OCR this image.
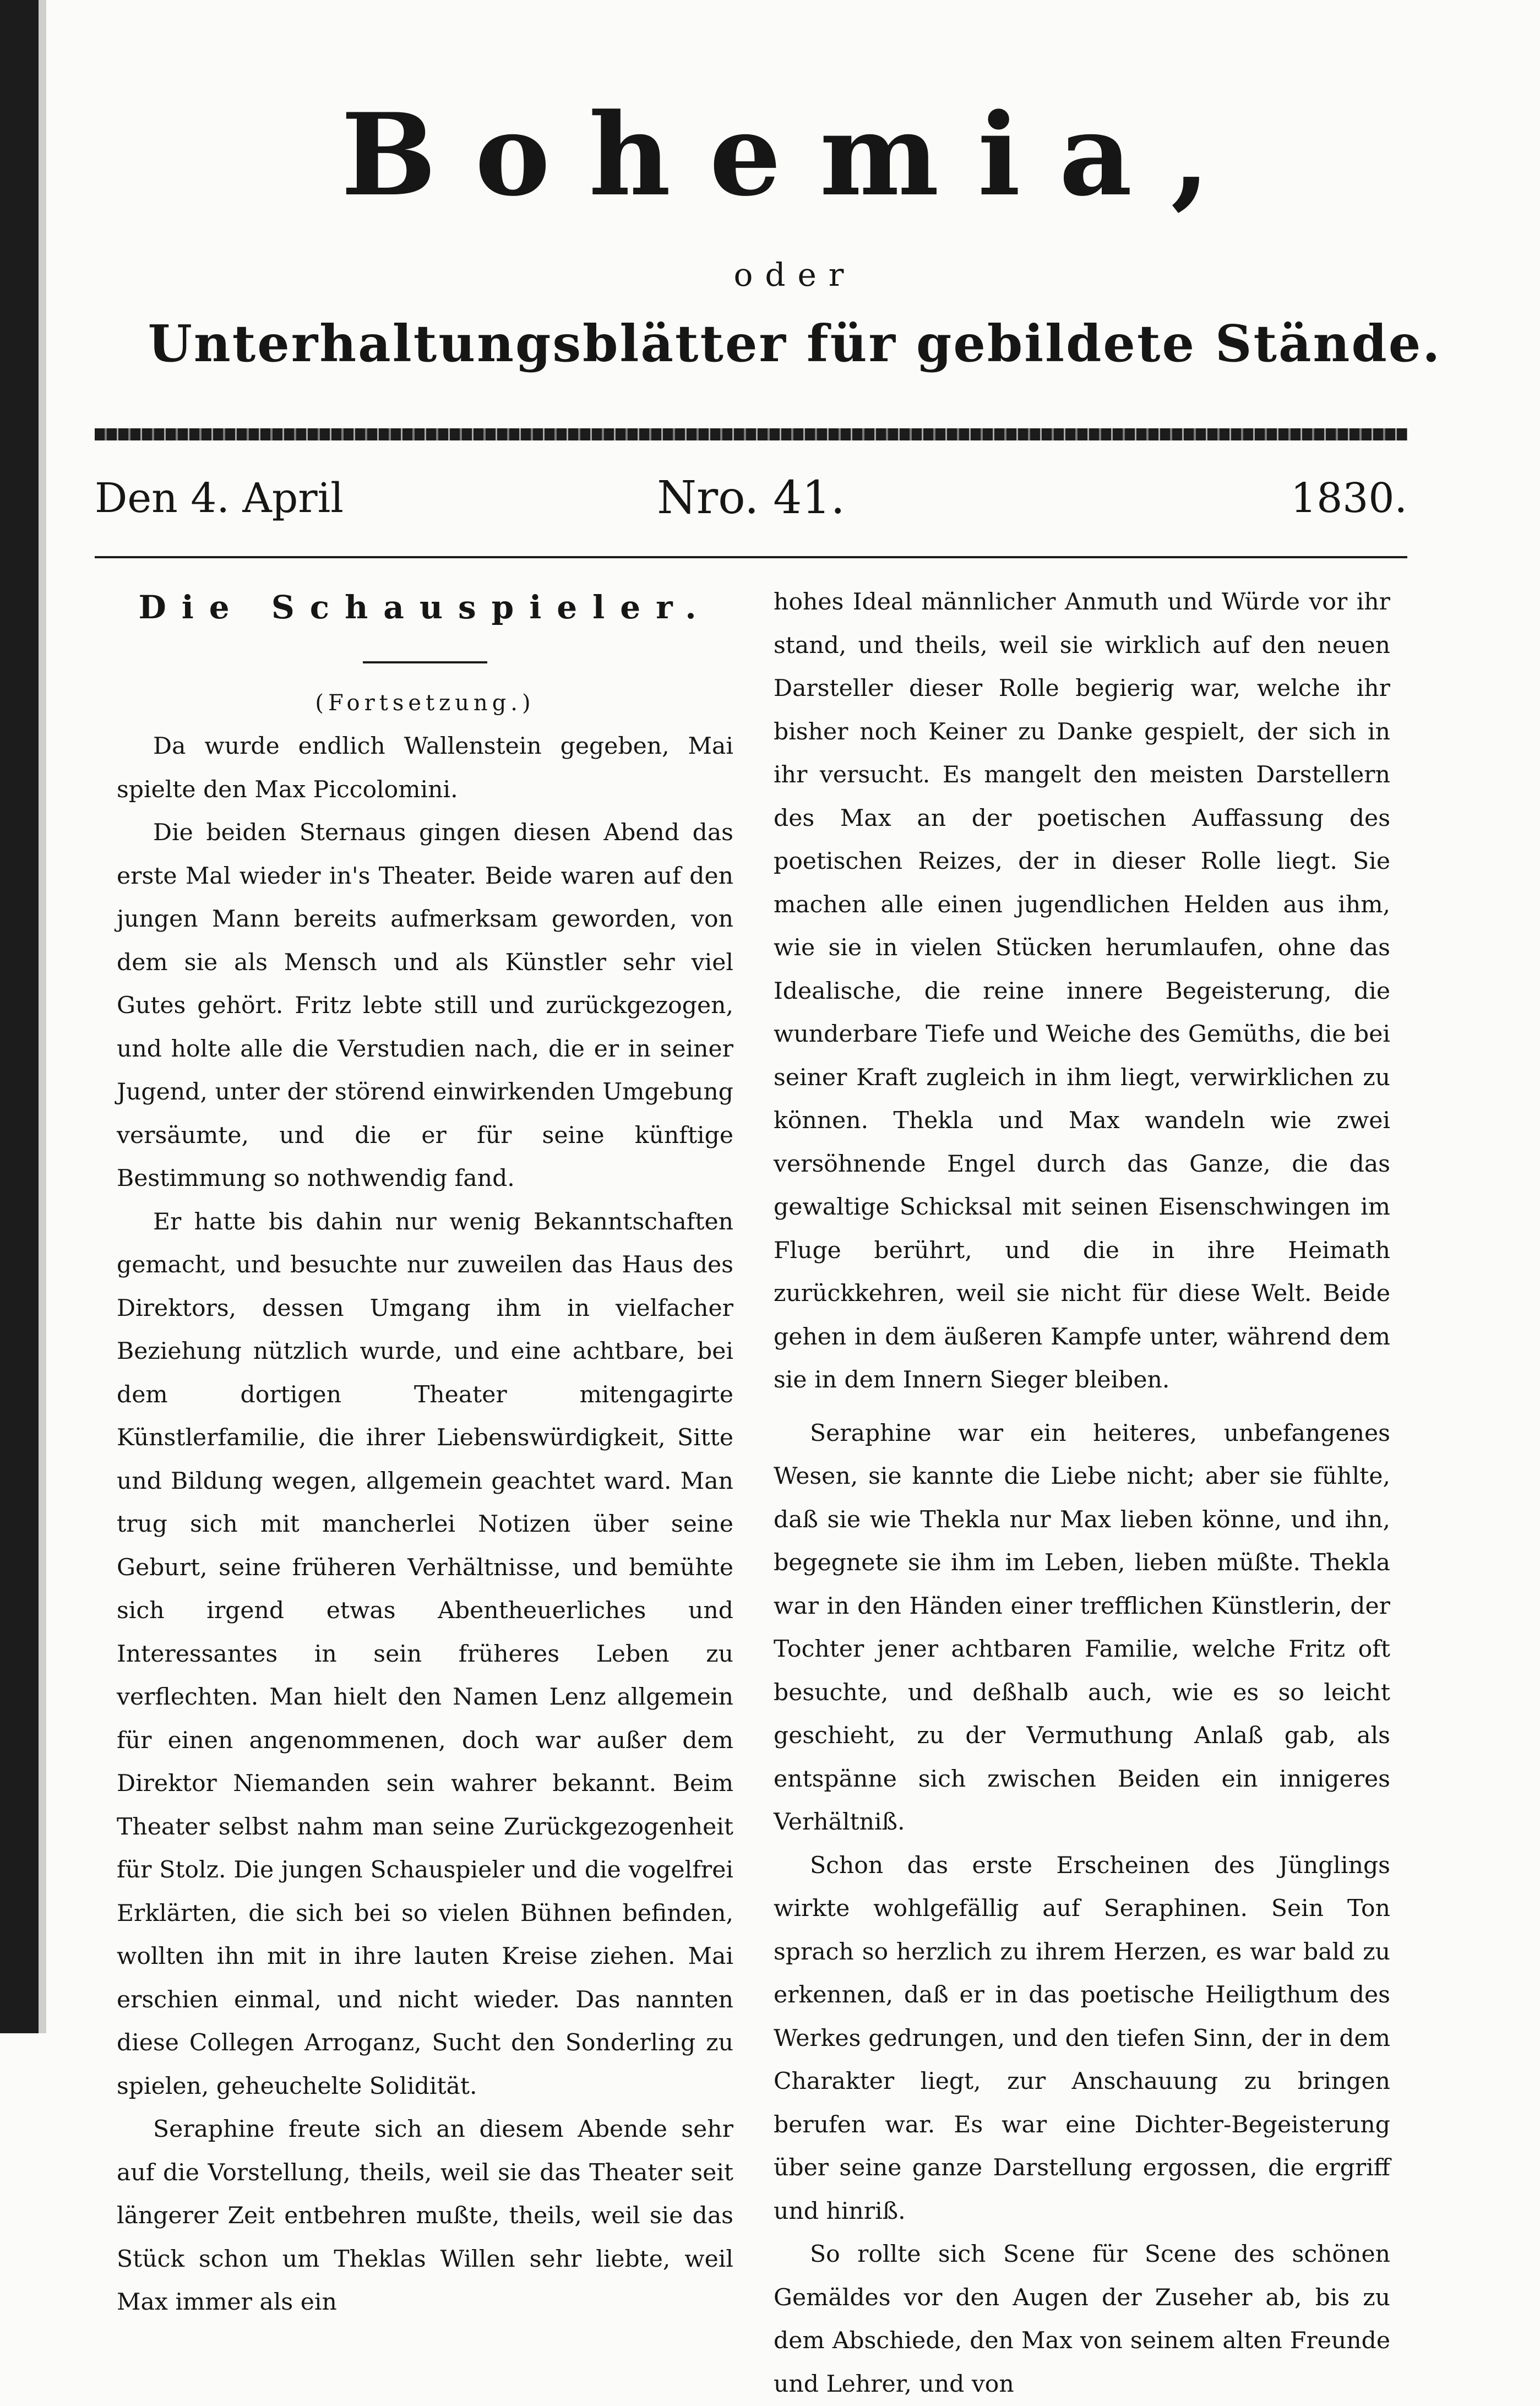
Bohemia,
oder
Unterhaltungsblätter für gebildete Stände.
Den 4. April	Nro. 41.	1830.
Die Schauspieler.

(Fortsetzung.)

Da wurde endlich Wallenstein gegeben, Mai spielte den Max Piccolomini.

Die beiden Sternaus gingen diesen Abend das erste Mal wieder in's Theater. Beide waren auf den jungen Mann bereits aufmerksam geworden, von dem sie als Mensch und als Künstler sehr viel Gutes gehört. Fritz lebte still und zurückgezogen, und holte alle die Verstudien nach, die er in seiner Jugend, unter der störend einwirkenden Umgebung versäumte, und die er für seine künftige Bestimmung so nothwendig fand.

Er hatte bis dahin nur wenig Bekanntschaften gemacht, und besuchte nur zuweilen das Haus des Direktors, dessen Umgang ihm in vielfacher Beziehung nützlich wurde, und eine achtbare, bei dem dortigen Theater mitengagirte Künstlerfamilie, die ihrer Liebenswürdigkeit, Sitte und Bildung wegen, allgemein geachtet ward. Man trug sich mit mancherlei Notizen über seine Geburt, seine früheren Verhältnisse, und bemühte sich irgend etwas Abentheuerliches und Interessantes in sein früheres Leben zu verflechten. Man hielt den Namen Lenz allgemein für einen angenommenen, doch war außer dem Direktor Niemanden sein wahrer bekannt. Beim Theater selbst nahm man seine Zurückgezogenheit für Stolz. Die jungen Schauspieler und die vogelfrei Erklärten, die sich bei so vielen Bühnen befinden, wollten ihn mit in ihre lauten Kreise ziehen. Mai erschien einmal, und nicht wieder. Das nannten diese Collegen Arroganz, Sucht den Sonderling zu spielen, geheuchelte Solidität.

Seraphine freute sich an diesem Abende sehr auf die Vorstellung, theils, weil sie das Theater seit längerer Zeit entbehren mußte, theils, weil sie das Stück schon um Theklas Willen sehr liebte, weil Max immer als ein

hohes Ideal männlicher Anmuth und Würde vor ihr stand, und theils, weil sie wirklich auf den neuen Darsteller dieser Rolle begierig war, welche ihr bisher noch Keiner zu Danke gespielt, der sich in ihr versucht. Es mangelt den meisten Darstellern des Max an der poetischen Auffassung des poetischen Reizes, der in dieser Rolle liegt. Sie machen alle einen jugendlichen Helden aus ihm, wie sie in vielen Stücken herumlaufen, ohne das Idealische, die reine innere Begeisterung, die wunderbare Tiefe und Weiche des Gemüths, die bei seiner Kraft zugleich in ihm liegt, verwirklichen zu können. Thekla und Max wandeln wie zwei versöhnende Engel durch das Ganze, die das gewaltige Schicksal mit seinen Eisenschwingen im Fluge berührt, und die in ihre Heimath zurückkehren, weil sie nicht für diese Welt. Beide gehen in dem äußeren Kampfe unter, während dem sie in dem Innern Sieger bleiben.

Seraphine war ein heiteres, unbefangenes Wesen, sie kannte die Liebe nicht; aber sie fühlte, daß sie wie Thekla nur Max lieben könne, und ihn, begegnete sie ihm im Leben, lieben müßte. Thekla war in den Händen einer trefflichen Künstlerin, der Tochter jener achtbaren Familie, welche Fritz oft besuchte, und deßhalb auch, wie es so leicht geschieht, zu der Vermuthung Anlaß gab, als entspänne sich zwischen Beiden ein innigeres Verhältniß.

Schon das erste Erscheinen des Jünglings wirkte wohlgefällig auf Seraphinen. Sein Ton sprach so herzlich zu ihrem Herzen, es war bald zu erkennen, daß er in das poetische Heiligthum des Werkes gedrungen, und den tiefen Sinn, der in dem Charakter liegt, zur Anschauung zu bringen berufen war. Es war eine Dichter-Begeisterung über seine ganze Darstellung ergossen, die ergriff und hinriß.

So rollte sich Scene für Scene des schönen Gemäldes vor den Augen der Zuseher ab, bis zu dem Abschiede, den Max von seinem alten Freunde und Lehrer, und von
